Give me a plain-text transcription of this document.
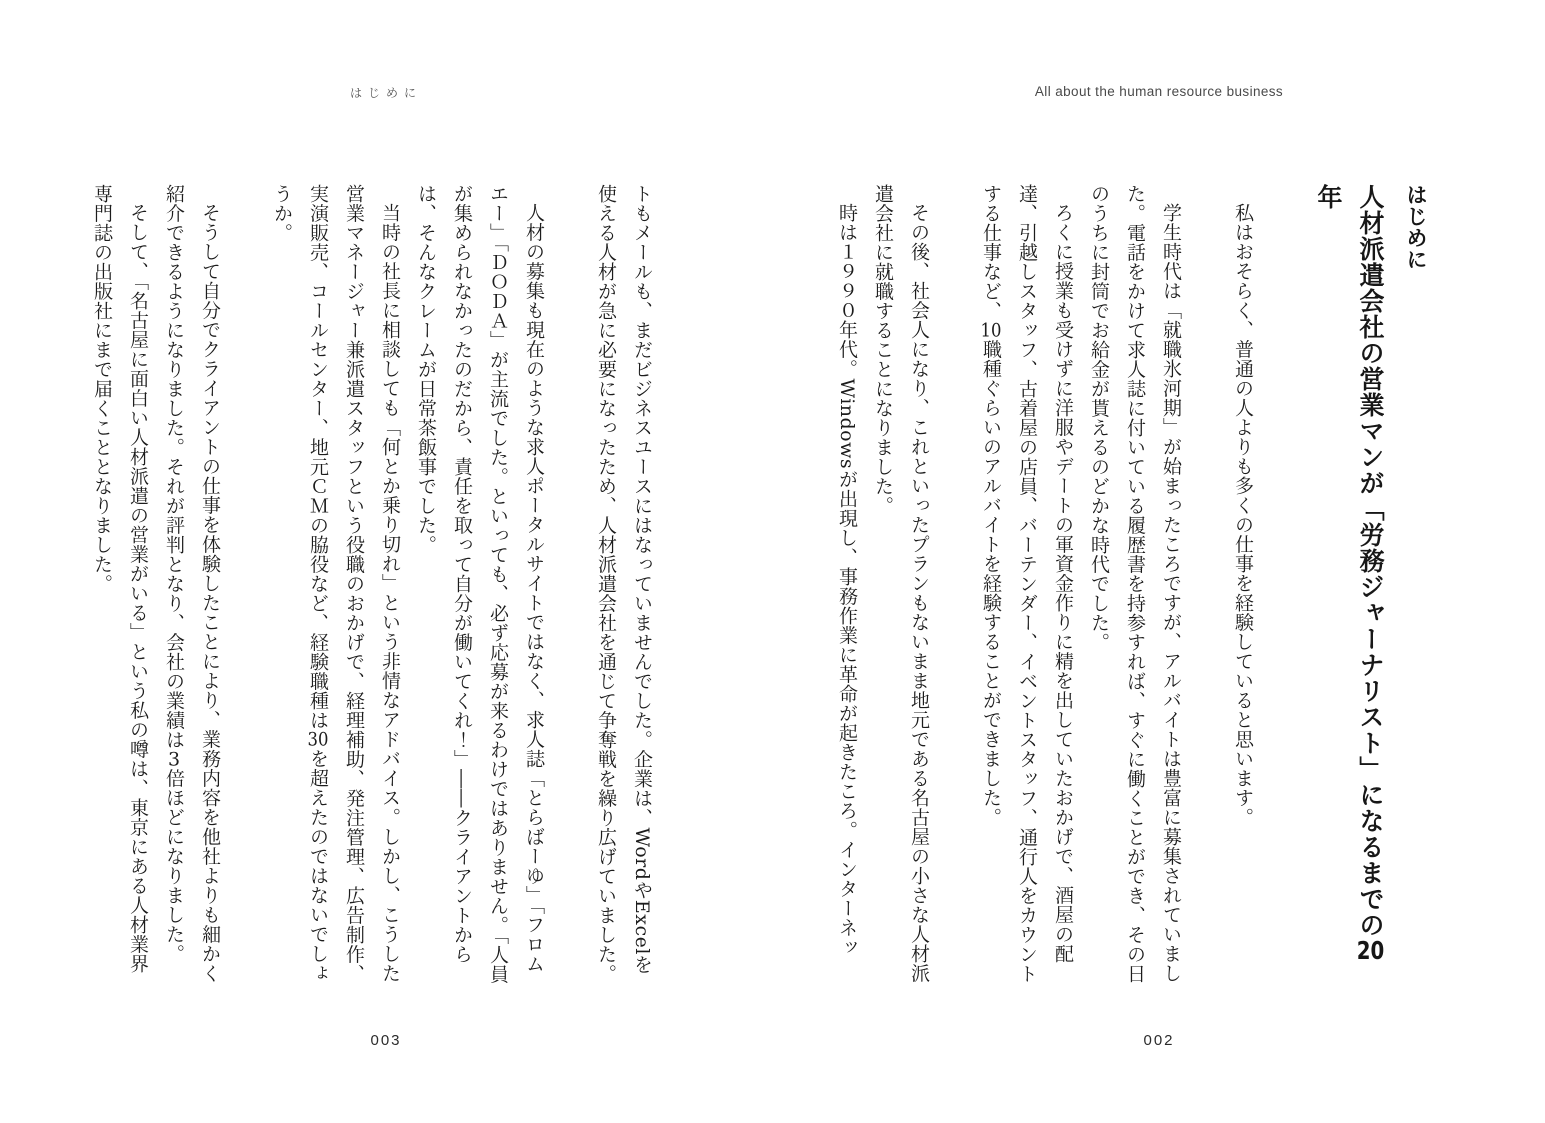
All about the human resource business
はじめに
人材派遣会社の営業マンが「労務ジャーナリスト」になるまでの20年

私はおそらく、普通の人よりも多くの仕事を経験していると思います。

学生時代は「就職氷河期」が始まったころですが、アルバイトは豊富に募集されていました。電話をかけて求人誌に付いている履歴書を持参すれば、すぐに働くことができ、その日のうちに封筒でお給金が貰えるのどかな時代でした。

ろくに授業も受けずに洋服やデートの軍資金作りに精を出していたおかげで、酒屋の配達、引越しスタッフ、古着屋の店員、バーテンダー、イベントスタッフ、通行人をカウントする仕事など、10職種ぐらいのアルバイトを経験することができました。

その後、社会人になり、これといったプランもないまま地元である名古屋の小さな人材派遣会社に就職することになりました。

時は１９９０年代。Windowsが出現し、事務作業に革命が起きたころ。インターネッ

002
はじめに

トもメールも、まだビジネスユースにはなっていませんでした。企業は、WordやExcelを使える人材が急に必要になったため、人材派遣会社を通じて争奪戦を繰り広げていました。

人材の募集も現在のような求人ポータルサイトではなく、求人誌「とらばーゆ」「フロムエー」「ＤＯＤＡ」が主流でした。といっても、必ず応募が来るわけではありません。「人員が集められなかったのだから、責任を取って自分が働いてくれ！」――クライアントからは、そんなクレームが日常茶飯事でした。

当時の社長に相談しても「何とか乗り切れ」という非情なアドバイス。しかし、こうした営業マネージャー兼派遣スタッフという役職のおかげで、経理補助、発注管理、広告制作、実演販売、コールセンター、地元ＣＭの脇役など、経験職種は30を超えたのではないでしょうか。

そうして自分でクライアントの仕事を体験したことにより、業務内容を他社よりも細かく紹介できるようになりました。それが評判となり、会社の業績は3倍ほどになりました。

そして、「名古屋に面白い人材派遣の営業がいる」という私の噂は、東京にある人材業界専門誌の出版社にまで届くこととなりました。

003
